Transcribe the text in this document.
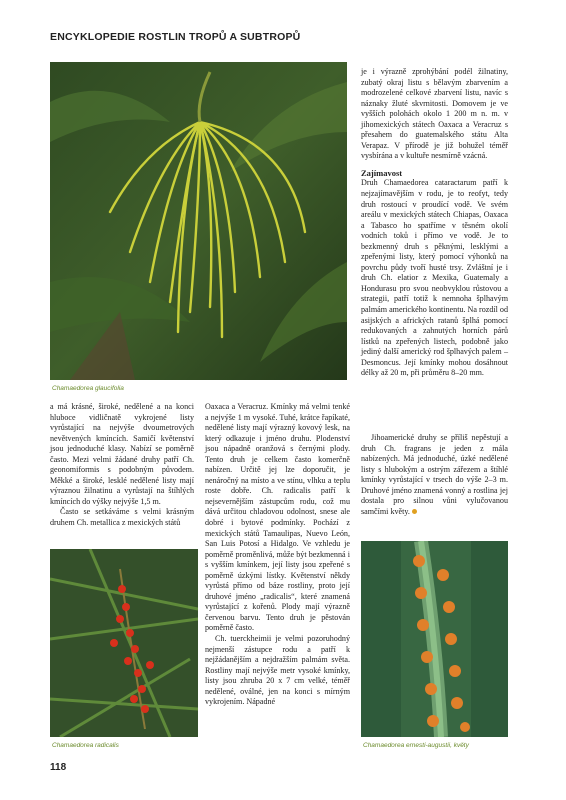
ENCYKLOPEDIE ROSTLIN TROPŮ A SUBTROPŮ
Chamaedorea glaucifolia

je i výrazně zprohýbání podél žilnatiny, zubatý okraj listu s bělavým zbarvením a modrozelené celkové zbarvení listu, navíc s náznaky žluté skvrnitosti. Domovem je ve vyšších polohách okolo 1 200 m n. m. v jihomexických státech Oaxaca a Veracruz s přesahem do guatemalského státu Alta Verapaz. V přírodě je již bohužel téměř vysbírána a v kultuře nesmírně vzácná.

Zajímavost

Druh Chamaedorea cataractarum patří k nejzajímavějším v rodu, je to reofyt, tedy druh rostoucí v proudící vodě. Ve svém areálu v mexických státech Chiapas, Oaxaca a Tabasco ho spatříme v těsném okolí vodních toků i přímo ve vodě. Je to bezkmenný druh s pěknými, lesklými a zpeřenými listy, který pomocí výhonků na povrchu půdy tvoří husté trsy. Zvláštní je i druh Ch. elatior z Mexika, Guatemaly a Hondurasu pro svou neobvyklou růstovou a strategii, patří totiž k nemnoha šplhavým palmám amerického kontinentu. Na rozdíl od asijských a afrických ratanů šplhá pomocí redukovaných a zahnutých horních párů lístků na zpeřených listech, podobně jako jediný další americký rod šplhavých palem – Desmoncus. Její kmínky mohou dosáhnout délky až 20 m, při průměru 8–20 mm.

a má krásné, široké, nedělené a na konci hluboce vidličnatě vykrojené listy vyrůstající na nejvýše dvoumetrových nevětvených kmíncích. Samičí květenství jsou jednoduché klasy. Nabízí se poměrně často. Mezi velmi žádané druhy patří Ch. geonomiformis s podobným původem. Měkké a široké, lesklé nedělené listy mají výraznou žilnatinu a vyrůstají na štíhlých kmíncích do výšky nejvýše 1,5 m.

Často se setkáváme s velmi krásným druhem Ch. metallica z mexických států

Chamaedorea radicalis

Oaxaca a Veracruz. Kmínky má velmi tenké a nejvýše 1 m vysoké. Tuhé, krátce řapíkaté, nedělené listy mají výrazný kovový lesk, na který odkazuje i jméno druhu. Plodenství jsou nápadně oranžová s černými plody. Tento druh je celkem často komerčně nabízen. Určitě jej lze doporučit, je nenáročný na místo a ve stínu, vlhku a teplu roste dobře. Ch. radicalis patří k nejsevernějším zástupcům rodu, což mu dává určitou chladovou odolnost, snese ale dobré i bytové podmínky. Pochází z mexických států Tamaulipas, Nuevo León, San Luis Potosí a Hidalgo. Ve vzhledu je poměrně proměnlivá, může být bezkmenná i s vyšším kmínkem, její listy jsou zpeřené s poměrně úzkými lístky. Květenství někdy vyrůstá přímo od báze rostliny, proto její druhové jméno „radicalis“, které znamená vyrůstající z kořenů. Plody mají výrazně červenou barvu. Tento druh je pěstován poměrně často.

Ch. tuerckheimii je velmi pozoruhodný nejmenší zástupce rodu a patří k nejžádanějším a nejdražším palmám světa. Rostliny mají nejvýše metr vysoké kmínky, listy jsou zhruba 20 x 7 cm velké, téměř nedělené, oválné, jen na konci s mírným vykrojením. Nápadné

Jihoamerické druhy se příliš nepěstují a druh Ch. fragrans je jeden z mála nabízených. Má jednoduché, úzké nedělené listy s hlubokým a ostrým zářezem a štíhlé kmínky vyrůstající v trsech do výše 2–3 m. Druhové jméno znamená vonný a rostlina jej dostala pro silnou vůni vylučovanou samčími květy.

Chamaedorea ernesti-augustii, květy
118
